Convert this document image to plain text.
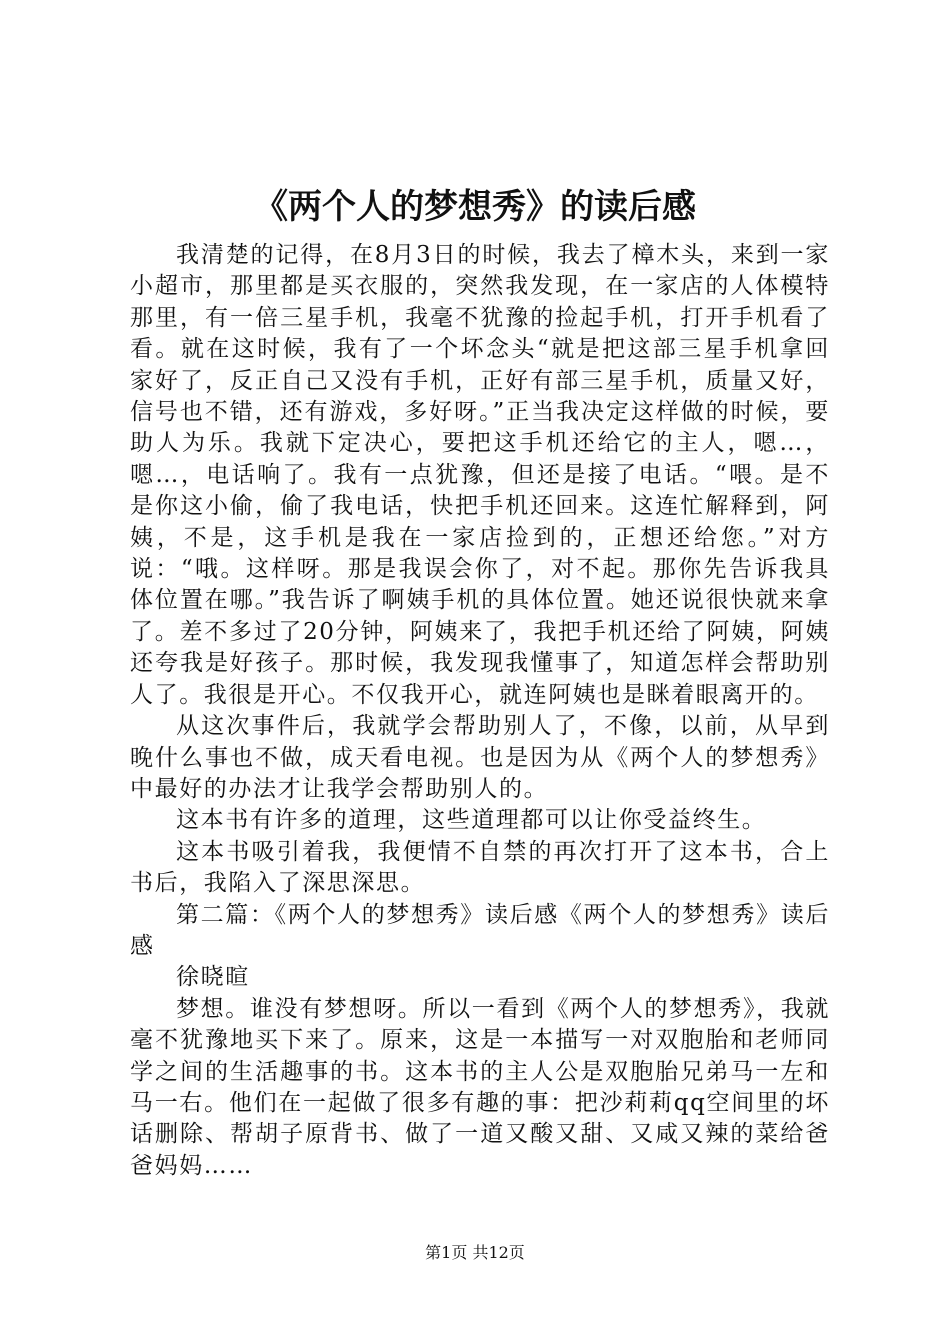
《两个人的梦想秀》的读后感

我清楚的记得，在8月3日的时候，我去了樟木头，来到一家小超市，那里都是买衣服的，突然我发现，在一家店的人体模特那里，有一倍三星手机，我毫不犹豫的捡起手机，打开手机看了看。就在这时候，我有了一个坏念头“就是把这部三星手机拿回家好了，反正自己又没有手机，正好有部三星手机，质量又好，信号也不错，还有游戏，多好呀。”正当我决定这样做的时候，要助人为乐。我就下定决心，要把这手机还给它的主人，嗯…，嗯…，电话响了。我有一点犹豫，但还是接了电话。“喂。是不是你这小偷，偷了我电话，快把手机还回来。这连忙解释到，阿姨，不是，这手机是我在一家店捡到的，正想还给您。”对方说：“哦。这样呀。那是我误会你了，对不起。那你先告诉我具体位置在哪。”我告诉了啊姨手机的具体位置。她还说很快就来拿了。差不多过了20分钟，阿姨来了，我把手机还给了阿姨，阿姨还夸我是好孩子。那时候，我发现我懂事了，知道怎样会帮助别人了。我很是开心。不仅我开心，就连阿姨也是眯着眼离开的。

从这次事件后，我就学会帮助别人了，不像，以前，从早到晚什么事也不做，成天看电视。也是因为从《两个人的梦想秀》中最好的办法才让我学会帮助别人的。

这本书有许多的道理，这些道理都可以让你受益终生。

这本书吸引着我，我便情不自禁的再次打开了这本书，合上书后，我陷入了深思深思。

第二篇：《两个人的梦想秀》读后感《两个人的梦想秀》读后感

徐晓暄

梦想。谁没有梦想呀。所以一看到《两个人的梦想秀》，我就毫不犹豫地买下来了。原来，这是一本描写一对双胞胎和老师同学之间的生活趣事的书。这本书的主人公是双胞胎兄弟马一左和马一右。他们在一起做了很多有趣的事：把沙莉莉qq空间里的坏话删除、帮胡子原背书、做了一道又酸又甜、又咸又辣的菜给爸爸妈妈……

第1页 共12页
